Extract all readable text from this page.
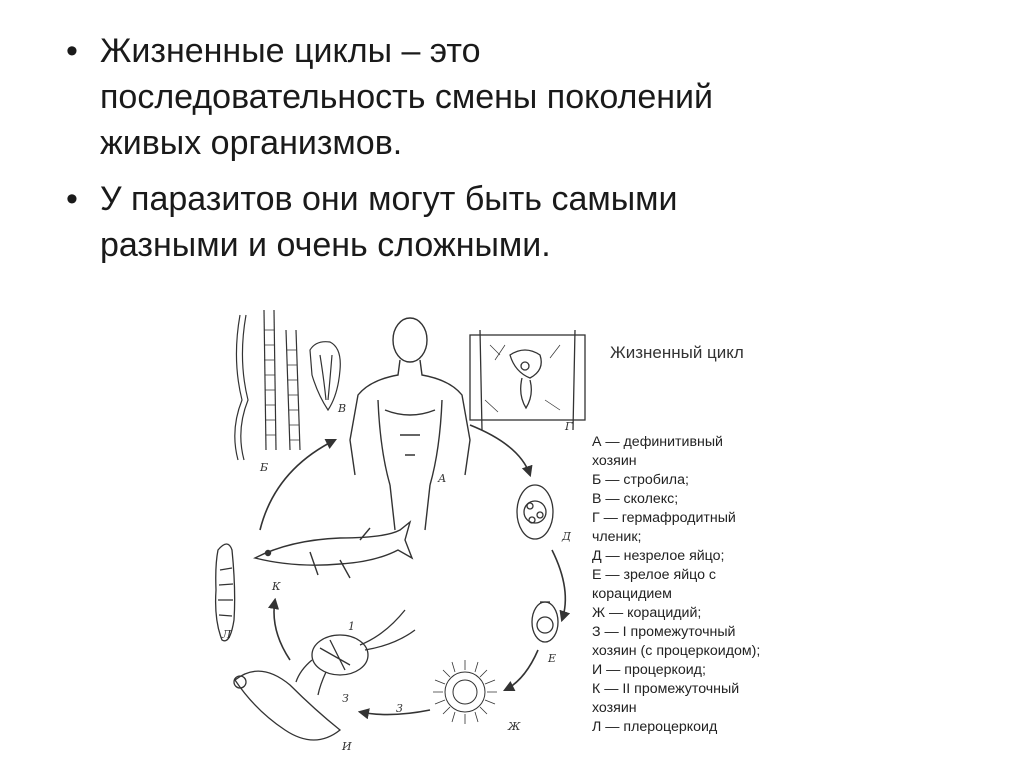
• Жизненные циклы – это
последовательность смены поколений
живых организмов.
• У паразитов они могут быть самыми
разными и очень сложными.
А
Б
В
Г
Д
Е
Ж
З
И
К
Л
1
3
Жизненный цикл
А — дефинитивный
хозяин
Б — стробила;
В — сколекс;
Г — гермафродитный
членик;
Д — незрелое яйцо;
Е — зрелое яйцо с
корацидием
Ж — корацидий;
З — I промежуточный
хозяин (с процеркоидом);
И — процеркоид;
К — II промежуточный
хозяин
Л — плероцеркоид
